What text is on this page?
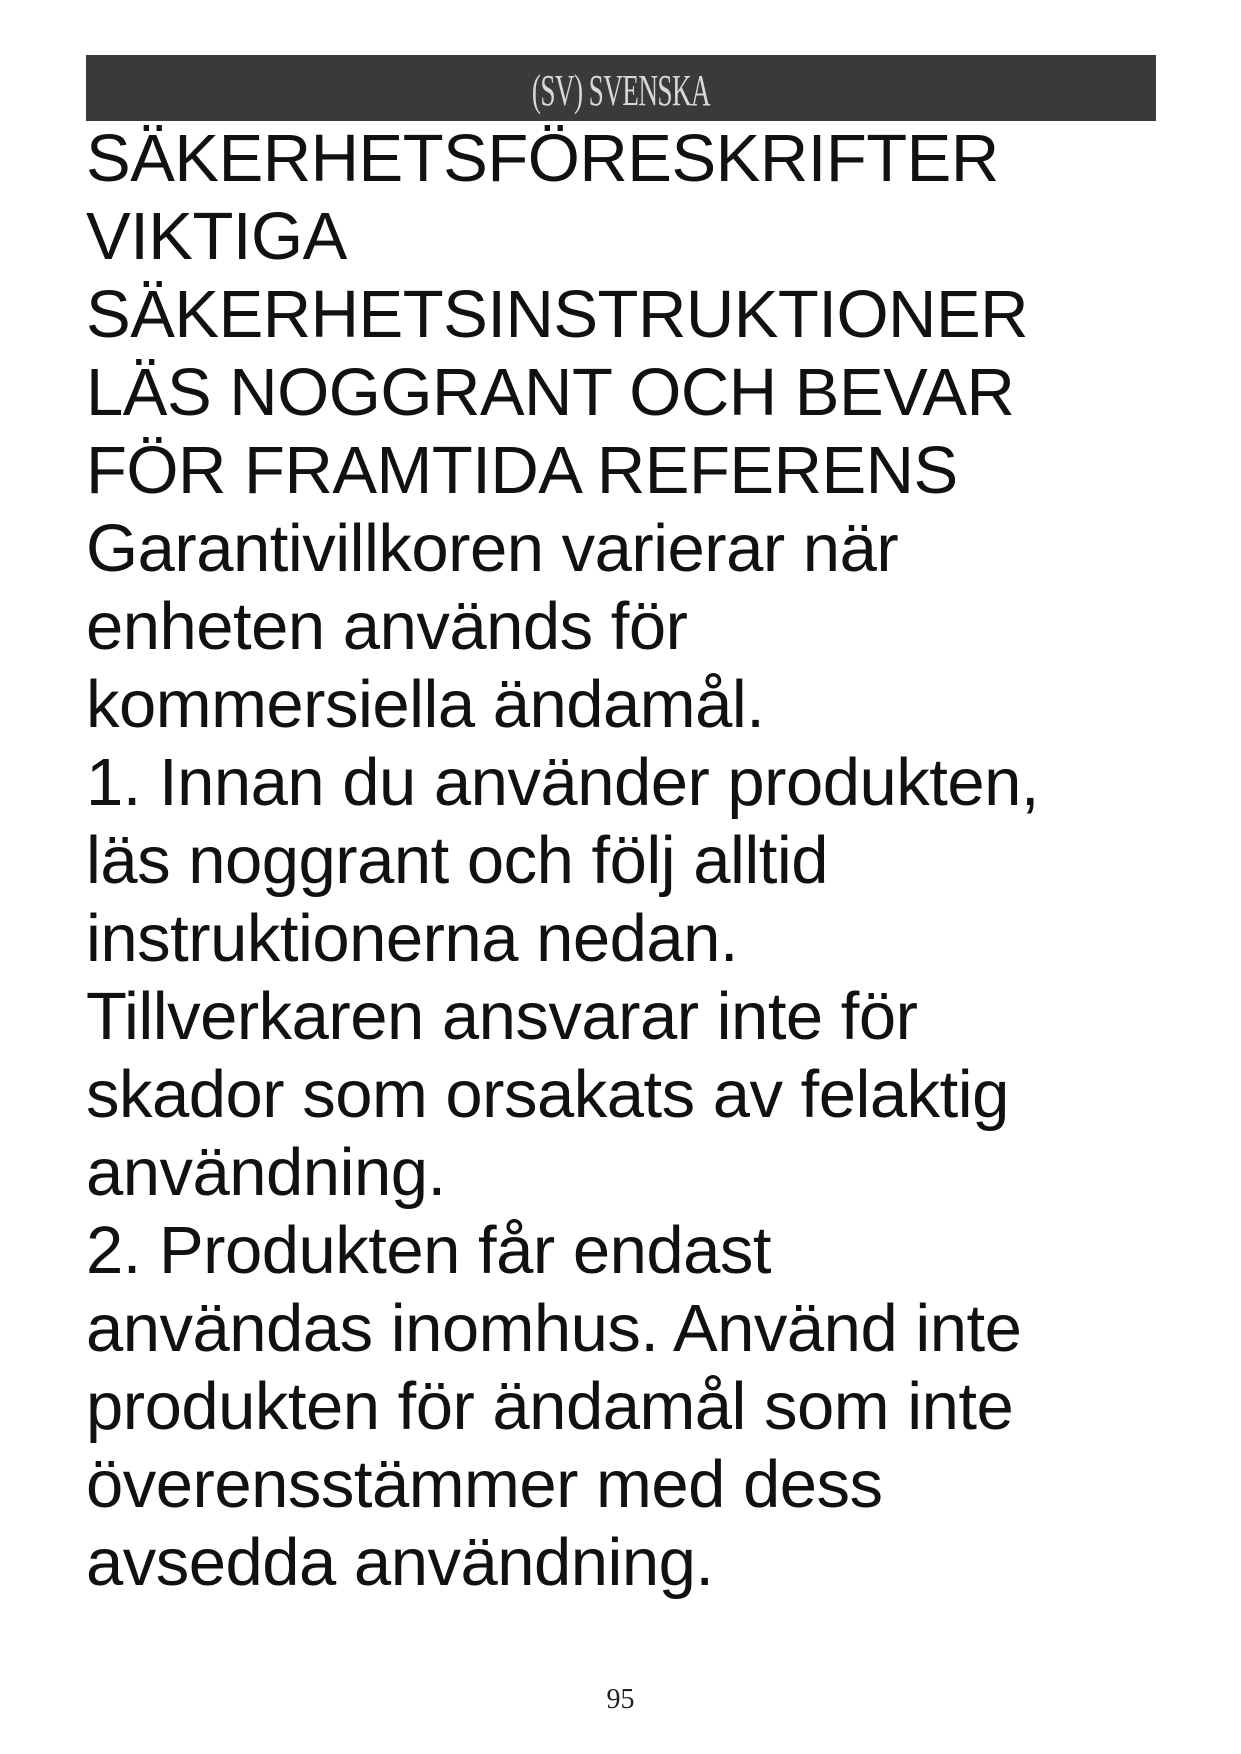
(SV) SVENSKA
SÄKERHETSFÖRESKRIFTER
VIKTIGA
SÄKERHETSINSTRUKTIONER
LÄS NOGGRANT OCH BEVAR
FÖR FRAMTIDA REFERENS
Garantivillkoren varierar när
enheten används för
kommersiella ändamål.
1. Innan du använder produkten,
läs noggrant och följ alltid
instruktionerna nedan.
Tillverkaren ansvarar inte för
skador som orsakats av felaktig
användning.
2. Produkten får endast
användas inomhus. Använd inte
produkten för ändamål som inte
överensstämmer med dess
avsedda användning.
95
